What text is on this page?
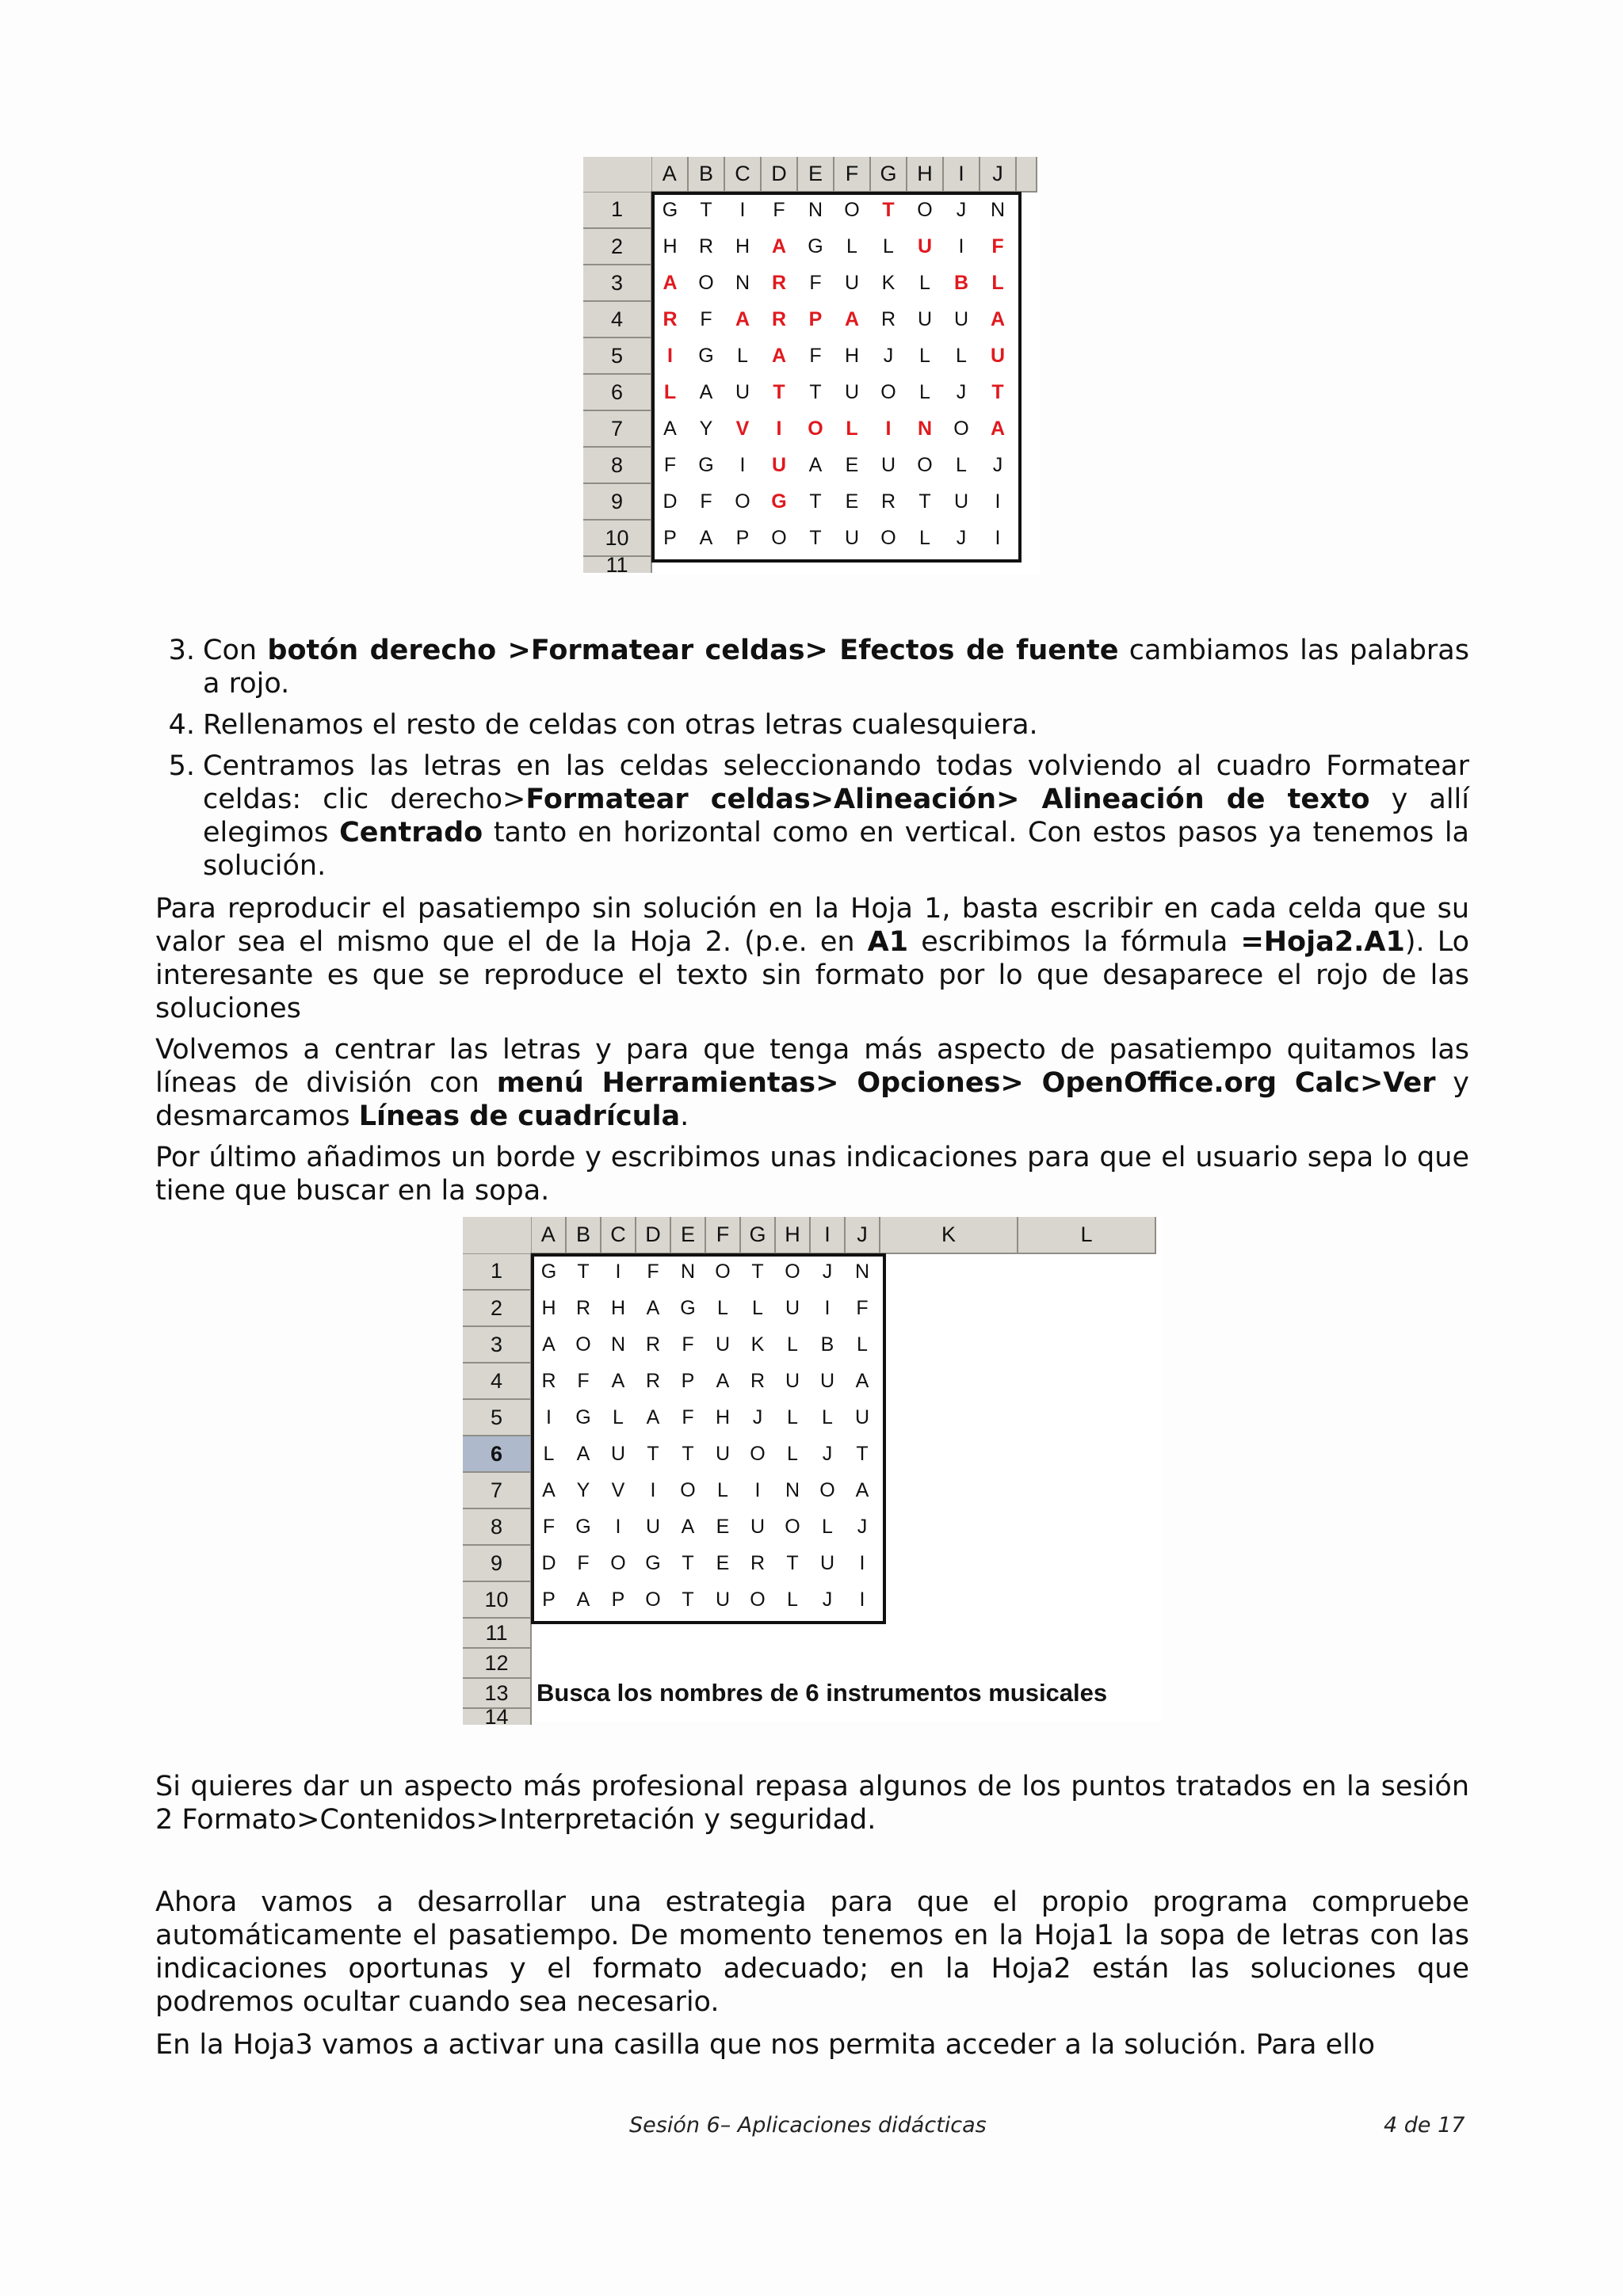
	A	B	C	D	E	F	G	H	I	J	
1	G	T	I	F	N	O	T	O	J	N	
2	H	R	H	A	G	L	L	U	I	F	
3	A	O	N	R	F	U	K	L	B	L	
4	R	F	A	R	P	A	R	U	U	A	
5	I	G	L	A	F	H	J	L	L	U	
6	L	A	U	T	T	U	O	L	J	T	
7	A	Y	V	I	O	L	I	N	O	A	
8	F	G	I	U	A	E	U	O	L	J	
9	D	F	O	G	T	E	R	T	U	I	
10	P	A	P	O	T	U	O	L	J	I	
11											
3. Con botón derecho >Formatear celdas> Efectos de fuente cambiamos las palabras a rojo.
4. Rellenamos el resto de celdas con otras letras cualesquiera.
5. Centramos las letras en las celdas seleccionando todas volviendo al cuadro Formatear celdas: clic derecho>Formatear celdas>Alineación> Alineación de texto y allí elegimos Centrado tanto en horizontal como en vertical. Con estos pasos ya tenemos la solución.
Para reproducir el pasatiempo sin solución en la Hoja 1, basta escribir en cada celda que su valor sea el mismo que el de la Hoja 2. (p.e. en A1 escribimos la fórmula =Hoja2.A1). Lo interesante es que se reproduce el texto sin formato por lo que desaparece el rojo de las soluciones
Volvemos a centrar las letras y para que tenga más aspecto de pasatiempo quitamos las líneas de división con menú Herramientas> Opciones> OpenOffice.org Calc>Ver y desmarcamos Líneas de cuadrícula.
Por último añadimos un borde y escribimos unas indicaciones para que el usuario sepa lo que tiene que buscar en la sopa.
	A	B	C	D	E	F	G	H	I	J	K	L
1	G	T	I	F	N	O	T	O	J	N		
2	H	R	H	A	G	L	L	U	I	F		
3	A	O	N	R	F	U	K	L	B	L		
4	R	F	A	R	P	A	R	U	U	A		
5	I	G	L	A	F	H	J	L	L	U		
6	L	A	U	T	T	U	O	L	J	T		
7	A	Y	V	I	O	L	I	N	O	A		
8	F	G	I	U	A	E	U	O	L	J		
9	D	F	O	G	T	E	R	T	U	I		
10	P	A	P	O	T	U	O	L	J	I		
11												
12												
13	Busca los nombres de 6 instrumentos musicales											
14												
Si quieres dar un aspecto más profesional repasa algunos de los puntos tratados en la sesión 2 Formato>Contenidos>Interpretación y seguridad.
Ahora vamos a desarrollar una estrategia para que el propio programa compruebe automáticamente el pasatiempo. De momento tenemos en la Hoja1 la sopa de letras con las indicaciones oportunas y el formato adecuado; en la Hoja2 están las soluciones que podremos ocultar cuando sea necesario.
En la Hoja3 vamos a activar una casilla que nos permita acceder a la solución. Para ello
Sesión 6– Aplicaciones didácticas	4 de 17
